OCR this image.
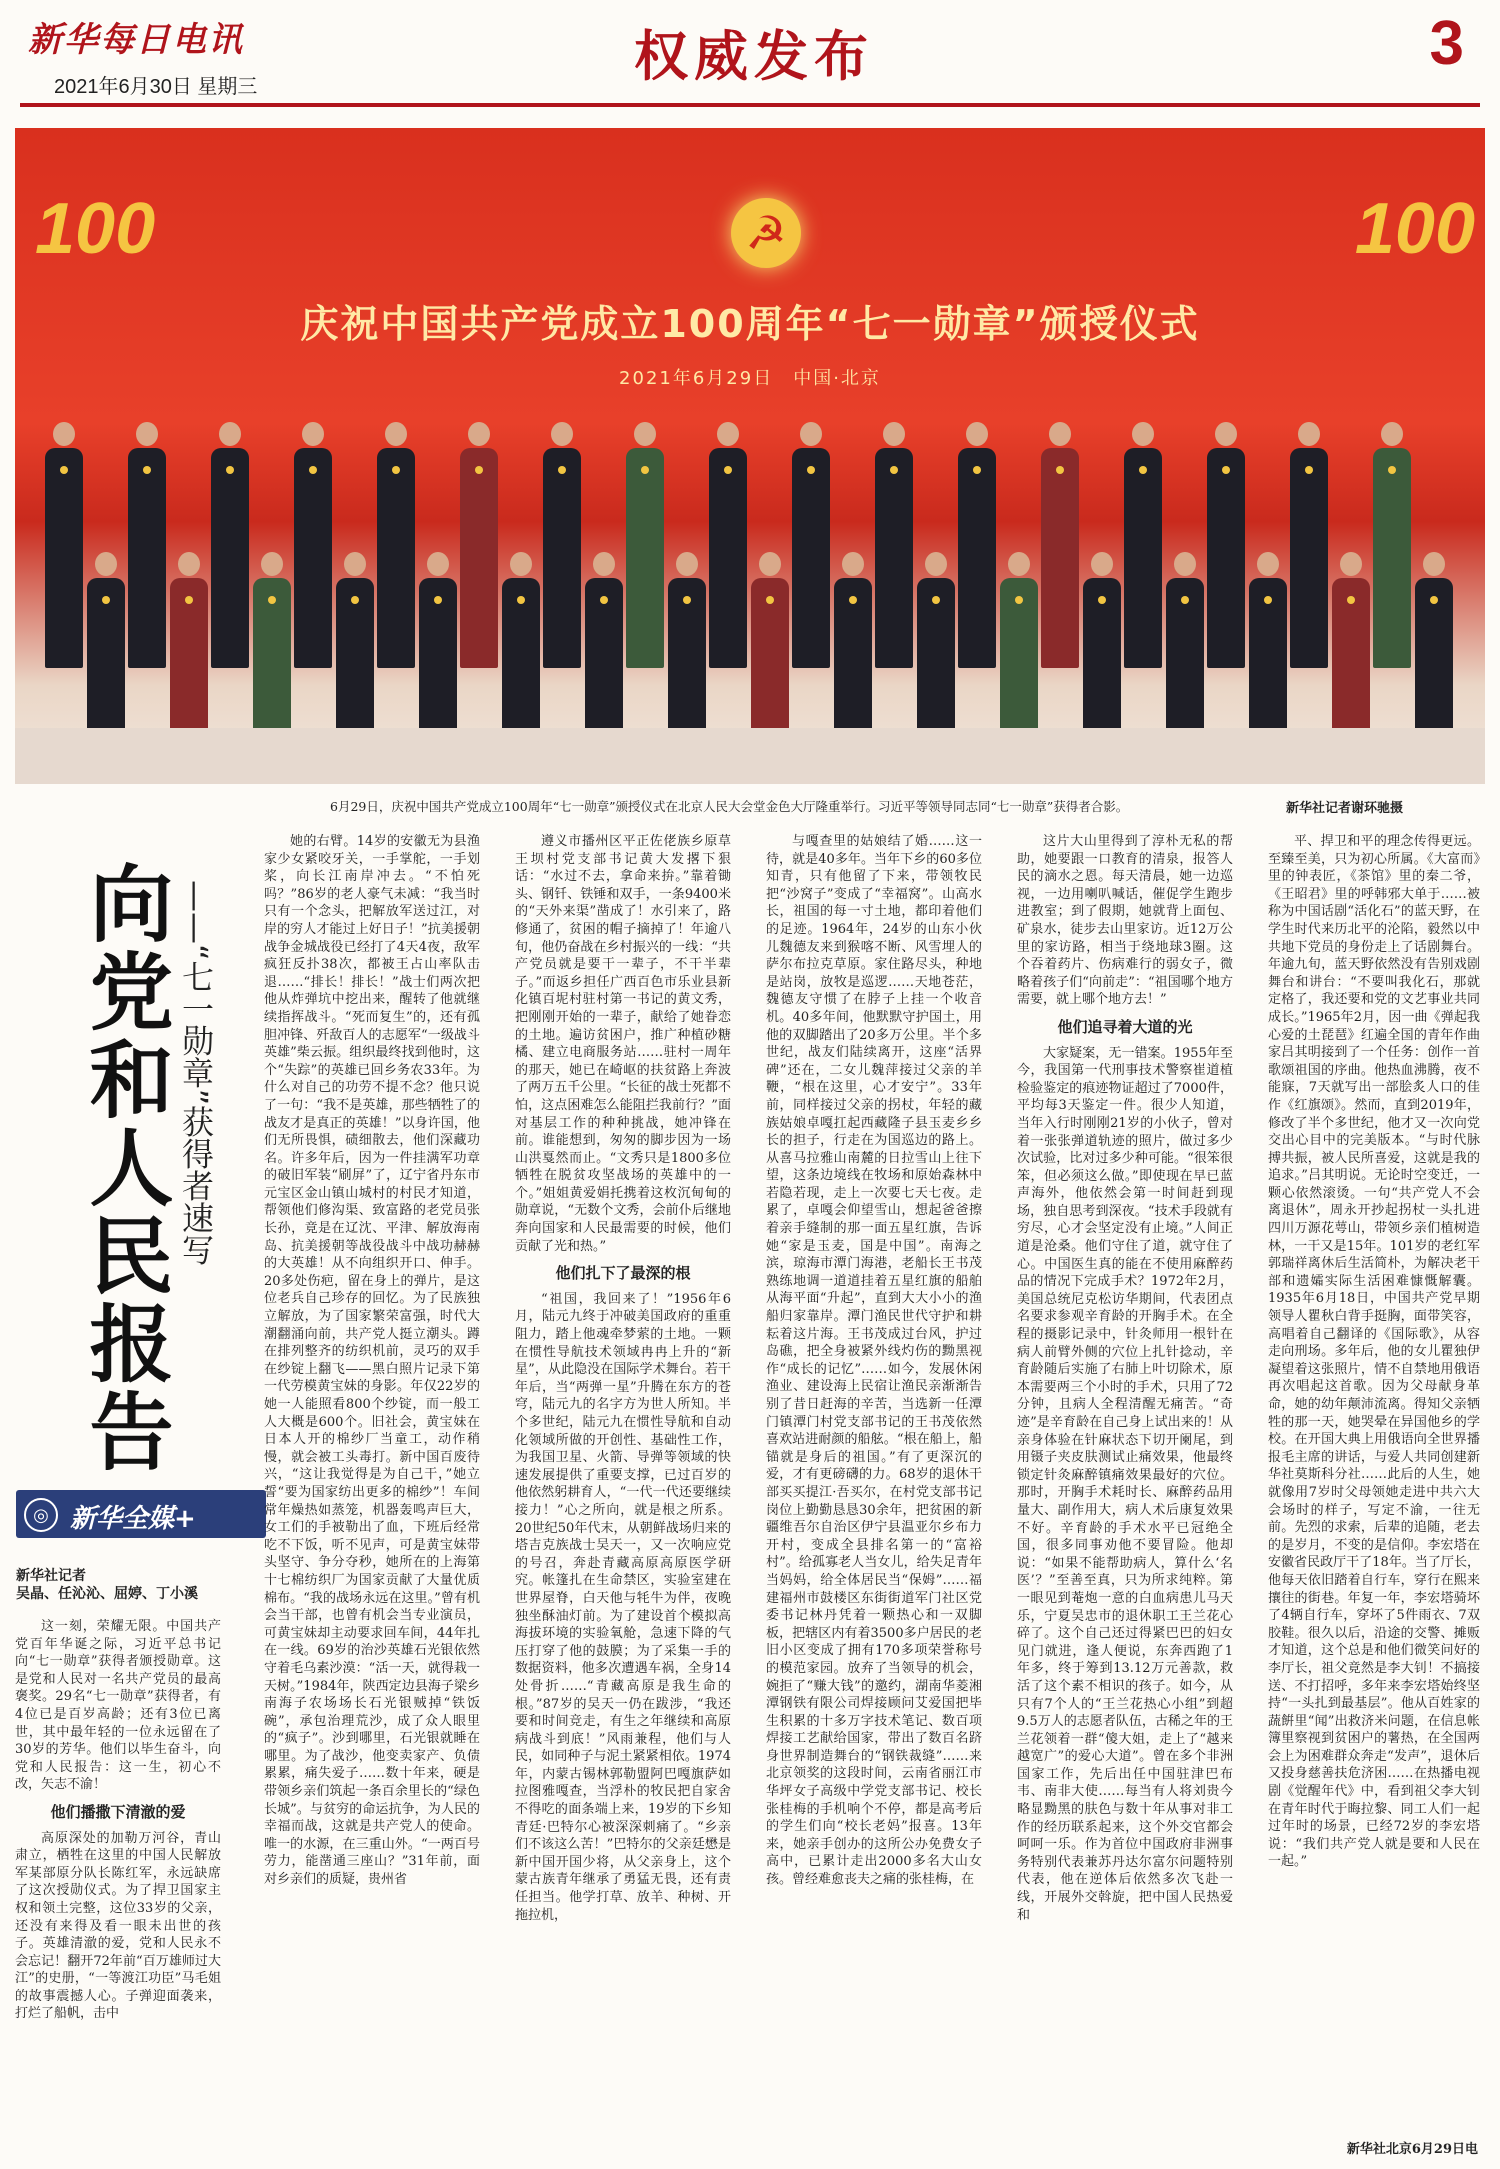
新华每日电讯
2021年6月30日 星期三	权威发布	3
100	100
☭
庆祝中国共产党成立100周年“七一勋章”颁授仪式
2021年6月29日　中国·北京
6月29日，庆祝中国共产党成立100周年“七一勋章”颁授仪式在北京人民大会堂金色大厅隆重举行。习近平等领导同志同“七一勋章”获得者合影。	新华社记者谢环驰摄
向党和人民报告 ——“七一勋章”获得者速写
◎ 新华全媒+
新华社记者
吴晶、任沁沁、屈婷、丁小溪

这一刻，荣耀无限。中国共产党百年华诞之际，习近平总书记向“七一勋章”获得者颁授勋章。这是党和人民对一名共产党员的最高褒奖。29名“七一勋章”获得者，有4位已是百岁高龄；还有3位已离世，其中最年轻的一位永远留在了30岁的芳华。他们以毕生奋斗，向党和人民报告：这一生，初心不改，矢志不渝！

他们播撒下清澈的爱

高原深处的加勒万河谷，青山肃立，栖牲在这里的中国人民解放军某部原分队长陈红军，永远缺席了这次授勋仪式。为了捍卫国家主权和领土完整，这位33岁的父亲，还没有来得及看一眼未出世的孩子。英雄清澈的爱，党和人民永不会忘记！翻开72年前“百万雄师过大江”的史册，“一等渡江功臣”马毛姐的故事震撼人心。子弹迎面袭来，打烂了船帆，击中

她的右臂。14岁的安徽无为县渔家少女紧咬牙关，一手掌舵，一手划桨，向长江南岸冲去。“不怕死吗？”86岁的老人豪气未减：“我当时只有一个念头，把解放军送过江，对岸的穷人才能过上好日子！”抗美援朝战争金城战役已经打了4天4夜，敌军疯狂反扑38次，都被王占山率队击退……“排长！排长！”战士们两次把他从炸弹坑中挖出来，醒转了他就继续指挥战斗。“死而复生”的，还有孤胆冲锋、歼敌百人的志愿军“一级战斗英雄”柴云振。组织最终找到他时，这个“失踪”的英雄已回乡务农33年。为什么对自己的功劳不提不念？他只说了一句：“我不是英雄，那些牺牲了的战友才是真正的英雄！”以身许国，他们无所畏惧，碛细散去，他们深藏功名。许多年后，因为一件挂满军功章的破旧军装“刷屏”了，辽宁省丹东市元宝区金山镇山城村的村民才知道，帮领他们修沟渠、致富路的老党员张长孙，竟是在辽沈、平津、解放海南岛、抗美援朝等战役战斗中战功赫赫的大英雄！从不向组织开口、伸手。20多处伤疤，留在身上的弹片，是这位老兵自己珍存的回忆。为了民族独立解放，为了国家繁荣富强，时代大潮翻涌向前，共产党人挺立潮头。蹲在排列整齐的纺织机前，灵巧的双手在纱锭上翻飞——黑白照片记录下第一代劳模黄宝妹的身影。年仅22岁的她一人能照看800个纱锭，而一般工人大概是600个。旧社会，黄宝妹在日本人开的棉纱厂当童工，动作稍慢，就会被工头毒打。新中国百废待兴，“这让我觉得是为自己干，”她立誓“要为国家纺出更多的棉纱”！车间常年燥热如蒸笼，机器轰鸣声巨大，女工们的手被勒出了血，下班后经常吃不下饭，听不见声，可是黄宝妹带头坚守、争分夺秒，她所在的上海第十七棉纺织厂为国家贡献了大量优质棉布。“我的战场永远在这里。”曾有机会当干部，也曾有机会当专业演员，可黄宝妹却主动要求回车间，44年扎在一线。69岁的治沙英雄石光银依然守着毛乌素沙漠：“活一天，就得栽一天树。”1984年，陕西定边县海子梁乡南海子农场场长石光银贼掉“铁饭碗”，承包治理荒沙，成了众人眼里的“疯子”。沙到哪里，石光银就睡在哪里。为了战沙，他变卖家产、负债累累，痛失爱子……数十年来，硬是带领乡亲们筑起一条百余里长的“绿色长城”。与贫穷的命运抗争，为人民的幸福而战，这就是共产党人的使命。唯一的水源，在三重山外。“一两百号劳力，能凿通三座山？”31年前，面对乡亲们的质疑，贵州省

遵义市播州区平正佐佬族乡原草王坝村党支部书记黄大发撂下狠话：“水过不去，拿命来拚。”靠着锄头、钢钎、铁锤和双手，一条9400米的“天外来渠”凿成了！水引来了，路修通了，贫困的帽子摘掉了！年逾八旬，他仍奋战在乡村振兴的一线：“共产党员就是要干一辈子，不干半辈子。”而返乡担任广西百色市乐业县新化镇百坭村驻村第一书记的黄文秀，把刚刚开始的一辈子，献给了她眷恋的土地。遍访贫困户，推广种植砂糖橘、建立电商服务站……驻村一周年的那天，她已在崎岖的扶贫路上奔波了两万五千公里。“长征的战士死都不怕，这点困难怎么能阻拦我前行？”面对基层工作的种种挑战，她冲锋在前。谁能想到，匆匆的脚步因为一场山洪戛然而止。“文秀只是1800多位牺牲在脱贫攻坚战场的英雄中的一个。”姐姐黄爱娟托携着这枚沉甸甸的勋章说，“无数个文秀，会前仆后继地奔向国家和人民最需要的时候，他们贡献了光和热。”

他们扎下了最深的根

“祖国，我回来了！”1956年6月，陆元九终于冲破美国政府的重重阻力，踏上他魂牵梦萦的土地。一颗在惯性导航技术领域冉冉上升的“新星”，从此隐没在国际学术舞台。若干年后，当“两弹一星”升腾在东方的苍穹，陆元九的名字方为世人所知。半个多世纪，陆元九在惯性导航和自动化领域所做的开创性、基础性工作，为我国卫星、火箭、导弹等领域的快速发展提供了重要支撑，已过百岁的他依然躬耕育人，“一代一代还要继续接力！”心之所向，就是根之所系。20世纪50年代末，从朝鲜战场归来的塔吉克族战士吴天一，又一次响应党的号召，奔赴青藏高原高原医学研究。帐篷扎在生命禁区，实验室建在世界屋脊，白天他与牦牛为伴，夜晚独坐酥油灯前。为了建设首个模拟高海拔环境的实验氧舱，急速下降的气压打穿了他的鼓膜；为了采集一手的数据资料，他多次遭遇车祸，全身14处骨折……“青藏高原是我生命的根。”87岁的吴天一仍在跋涉，“我还要和时间竞走，有生之年继续和高原病战斗到底！”风雨兼程，他们与人民，如同种子与泥土紧紧相依。1974年，内蒙古锡林郭勒盟阿巴嘎旗萨如拉图雅嘎查，当浮朴的牧民把自家舍不得吃的面条端上来，19岁的下乡知青廷·巴特尔心被深深刺痛了。“乡亲们不该这么苦！”巴特尔的父亲廷懋是新中国开国少将，从父亲身上，这个蒙古族青年继承了勇猛无畏，还有责任担当。他学打草、放羊、种树、开拖拉机，

与嘎查里的姑娘结了婚……这一待，就是40多年。当年下乡的60多位知青，只有他留了下来，带领牧民把“沙窝子”变成了“幸福窝”。山高水长，祖国的每一寸土地，都印着他们的足迹。1964年，24岁的山东小伙儿魏德友来到猴喀不断、风雪埋人的萨尔布拉克草原。家住路尽头，种地是站岗，放牧是巡逻……天地苍茫，魏德友守惯了在脖子上挂一个收音机。40多年间，他默默守护国土，用他的双脚踏出了20多万公里。半个多世纪，战友们陆续离开，这座“活界碑”还在，二女儿魏萍接过父亲的羊鞭，“根在这里，心才安宁”。33年前，同样接过父亲的拐杖，年轻的藏族姑娘卓嘎扛起西藏隆子县玉麦乡乡长的担子，行走在为国巡边的路上。从喜马拉雅山南麓的日拉雪山上往下望，这条边境线在牧场和原始森林中若隐若现，走上一次要七天七夜。走累了，卓嘎会仰望雪山，想起爸爸擦着亲手缝制的那一面五星红旗，告诉她“家是玉麦，国是中国”。南海之滨，琼海市潭门海港，老船长王书茂熟练地调一道道挂着五星红旗的船舶从海平面“升起”，直到大大小小的渔船归家靠岸。潭门渔民世代守护和耕耘着这片海。王书茂成过台风，护过岛礁，把全身被紧外线灼伤的黝黑视作“成长的记忆”……如今，发展休闲渔业、建设海上民宿让渔民亲渐渐告别了昔日赶海的辛苦，当选新一任潭门镇潭门村党支部书记的王书茂依然喜欢站进耐颜的船舷。“根在船上，船锚就是身后的祖国。”有了更深沉的爱，才有更磅礴的力。68岁的退休干部买买提江·吾买尔，在村党支部书记岗位上勤勤恳恳30余年，把贫困的新疆维吾尔自治区伊宁县温亚尔乡布力开村，变成全县排名第一的“富裕村”。给孤寡老人当女儿，给失足青年当妈妈，给全体居民当“保姆”……福建福州市鼓楼区东街街道军门社区党委书记林丹凭着一颗热心和一双脚板，把辖区内有着3500多户居民的老旧小区变成了拥有170多项荣誉称号的模范家园。放弃了当领导的机会，婉拒了“赚大钱”的邀约，湖南华菱湘潭钢铁有限公司焊接顾问艾爱国把毕生积累的十多万字技术笔记、数百项焊接工艺献给国家，带出了数百名跻身世界制造舞台的“钢铁裁缝”……来北京领奖的这段时间，云南省丽江市华坪女子高级中学党支部书记、校长张桂梅的手机响个不停，都是高考后的学生们向“校长老妈”报喜。13年来，她亲手创办的这所公办免费女子高中，已累计走出2000多名大山女孩。曾经难愈丧夫之痛的张桂梅，在

这片大山里得到了淳朴无私的帮助，她要跟一口教育的清泉，报答人民的滴水之恩。每天清晨，她一边巡视，一边用喇叭喊话，催促学生跑步进教室；到了假期，她就背上面包、矿泉水，徒步去山里家访。近12万公里的家访路，相当于绕地球3圈。这个吞着药片、伤病难行的弱女子，微略着孩子们“向前走”：“祖国哪个地方需要，就上哪个地方去！”

他们追寻着大道的光

大家疑案，无一错案。1955年至今，我国第一代刑事技术警察崔道植检验鉴定的痕迹物证超过了7000件，平均每3天鉴定一件。很少人知道，当年入行时刚刚21岁的小伙子，曾对着一张张弹道轨迹的照片，做过多少次试验，比对过多少种可能。“很笨很笨，但必须这么做。”即使现在早已蓝声海外，他依然会第一时间赶到现场，独自思考到深夜。“技术手段就有穷尽，心才会坚定没有止境。”人间正道是沧桑。他们守住了道，就守住了心。中国医生真的能在不使用麻醉药品的情况下完成手术？1972年2月，美国总统尼克松访华期间，代表团点名要求参观辛育龄的开胸手术。在全程的摄影记录中，针灸师用一根针在病人前臂外侧的穴位上扎针捻动，辛育龄随后实施了右肺上叶切除术，原本需要两三个小时的手术，只用了72分钟，且病人全程清醒无痛苦。“奇迹”是辛育龄在自己身上试出来的！从亲身体验在针麻状态下切开阑尾，到用镊子夹皮肤测试止痛效果，他最终锁定针灸麻醉镇痛效果最好的穴位。那时，开胸手术耗时长、麻醉药品用量大、副作用大，病人术后康复效果不好。辛育龄的手术水平已冠绝全国，很多同事劝他不要冒险。他却说：“如果不能帮助病人，算什么‘名医’？”至善至真，只为所求纯粹。第一眼见到菴炮一意的白血病患儿马天乐，宁夏吴忠市的退休职工王兰花心碎了。这个自己还过得紧巴巴的妇女见门就进，逢人便说，东奔西跑了1年多，终于筹到13.12万元善款，救活了这个素不相识的孩子。如今，从只有7个人的“王兰花热心小组”到超9.5万人的志愿者队伍，古稀之年的王兰花领着一群“傻大姐，走上了“越来越宽广”的爱心大道”。曾在多个非洲国家工作，先后出任中国驻津巴布韦、南非大使……每当有人将刘贵今略显黝黑的肤色与数十年从事对非工作的经历联系起来，这个外交官都会呵呵一乐。作为首位中国政府非洲事务特别代表兼苏丹达尔富尔问题特别代表，他在逆体后依然多次飞赴一线，开展外交斡旋，把中国人民热爱和

平、捍卫和平的理念传得更远。至臻至美，只为初心所属。《大富而》里的钟表匠，《茶馆》里的秦二爷，《王昭君》里的呼韩邪大单于……被称为中国话剧“活化石”的蓝天野，在学生时代来历北平的沦陷，毅然以中共地下党员的身份走上了话剧舞台。年逾九旬，蓝天野依然没有告别戏剧舞台和讲台：“不要叫我化石，那就定格了，我还要和党的文艺事业共同成长。”1965年2月，因一曲《弹起我心爱的土琵琶》红遍全国的青年作曲家吕其明接到了一个任务：创作一首歌颂祖国的序曲。他热血沸腾，夜不能寐，7天就写出一部脍炙人口的佳作《红旗颂》。然而，直到2019年，修改了半个多世纪，他才又一次向党交出心目中的完美版本。“与时代脉搏共振，被人民所喜爱，这就是我的追求。”吕其明说。无论时空变迁，一颗心依然滚烫。一句“共产党人不会离退休”，周永开抄起拐杖一头扎进四川万源花萼山，带领乡亲们植树造林，一干又是15年。101岁的老红军郭瑞祥离休后生活简朴，为解决老干部和遗孀实际生活困难慷慨解囊。1935年6月18日，中国共产党早期领导人瞿秋白背手挺胸，面带笑容，高唱着自己翻译的《国际歌》，从容走向刑场。多年后，他的女儿瞿独伊凝望着这张照片，情不自禁地用俄语再次唱起这首歌。因为父母献身革命，她的幼年颠沛流离。得知父亲牺牲的那一天，她哭晕在异国他乡的学校。在开国大典上用俄语向全世界播报毛主席的讲话，与爱人共同创建新华社莫斯科分社……此后的人生，她就像用7岁时父母领她走进中共六大会场时的样子，写定不渝，一往无前。先烈的求索，后辈的追随，老去的是岁月，不变的是信仰。李宏塔在安徽省民政厅干了18年。当了厅长，他每天依旧踏着自行车，穿行在熙来攘往的街巷。年复一年，李宏塔骑坏了4辆自行车，穿坏了5件雨衣、7双胶鞋。很久以后，沿途的交警、摊贩才知道，这个总是和他们微笑问好的李厅长，祖父竟然是李大钊！不搞接送、不打招呼，多年来李宏塔始终坚持“一头扎到最基层”。他从百姓家的蔬餠里“闻”出救济米问题，在信息帐簿里察视到贫困户的薯热，在全国两会上为困难群众奔走“发声”，退休后又投身慈善扶危济困……在热播电视剧《觉醒年代》中，看到祖父李大钊在青年时代于晦拉黎、同工人们一起过年时的场景，已经72岁的李宏塔说：“我们共产党人就是要和人民在一起。”

新华社北京6月29日电
